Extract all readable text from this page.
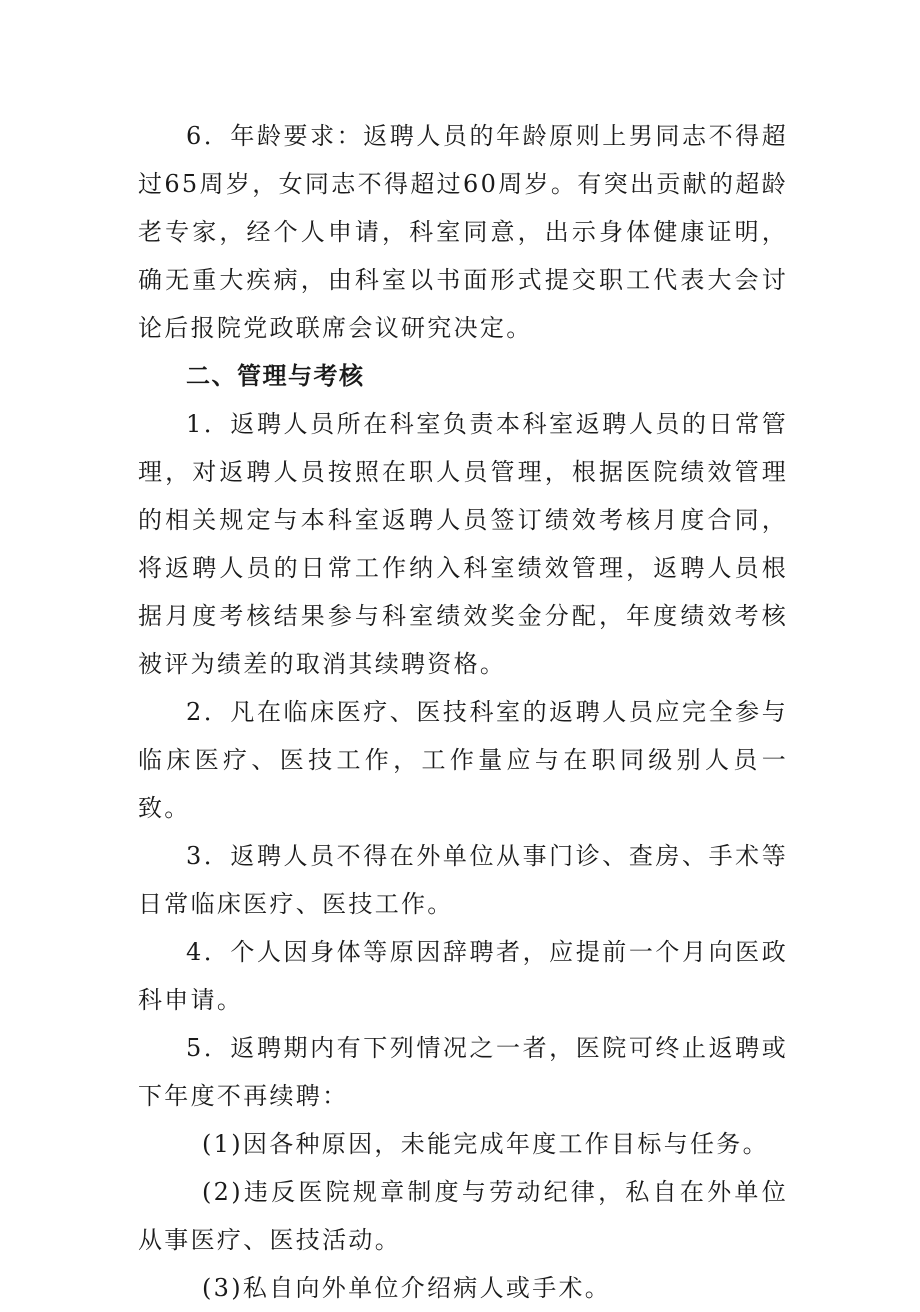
6．年龄要求：返聘人员的年龄原则上男同志不得超过65周岁，女同志不得超过60周岁。有突出贡献的超龄老专家，经个人申请，科室同意，出示身体健康证明，确无重大疾病，由科室以书面形式提交职工代表大会讨论后报院党政联席会议研究决定。

二、管理与考核

1．返聘人员所在科室负责本科室返聘人员的日常管理，对返聘人员按照在职人员管理，根据医院绩效管理的相关规定与本科室返聘人员签订绩效考核月度合同，将返聘人员的日常工作纳入科室绩效管理，返聘人员根据月度考核结果参与科室绩效奖金分配，年度绩效考核被评为绩差的取消其续聘资格。

2．凡在临床医疗、医技科室的返聘人员应完全参与临床医疗、医技工作，工作量应与在职同级别人员一致。

3．返聘人员不得在外单位从事门诊、查房、手术等日常临床医疗、医技工作。

4．个人因身体等原因辞聘者，应提前一个月向医政科申请。

5．返聘期内有下列情况之一者，医院可终止返聘或下年度不再续聘：

(1)因各种原因，未能完成年度工作目标与任务。

(2)违反医院规章制度与劳动纪律，私自在外单位从事医疗、医技活动。

(3)私自向外单位介绍病人或手术。
